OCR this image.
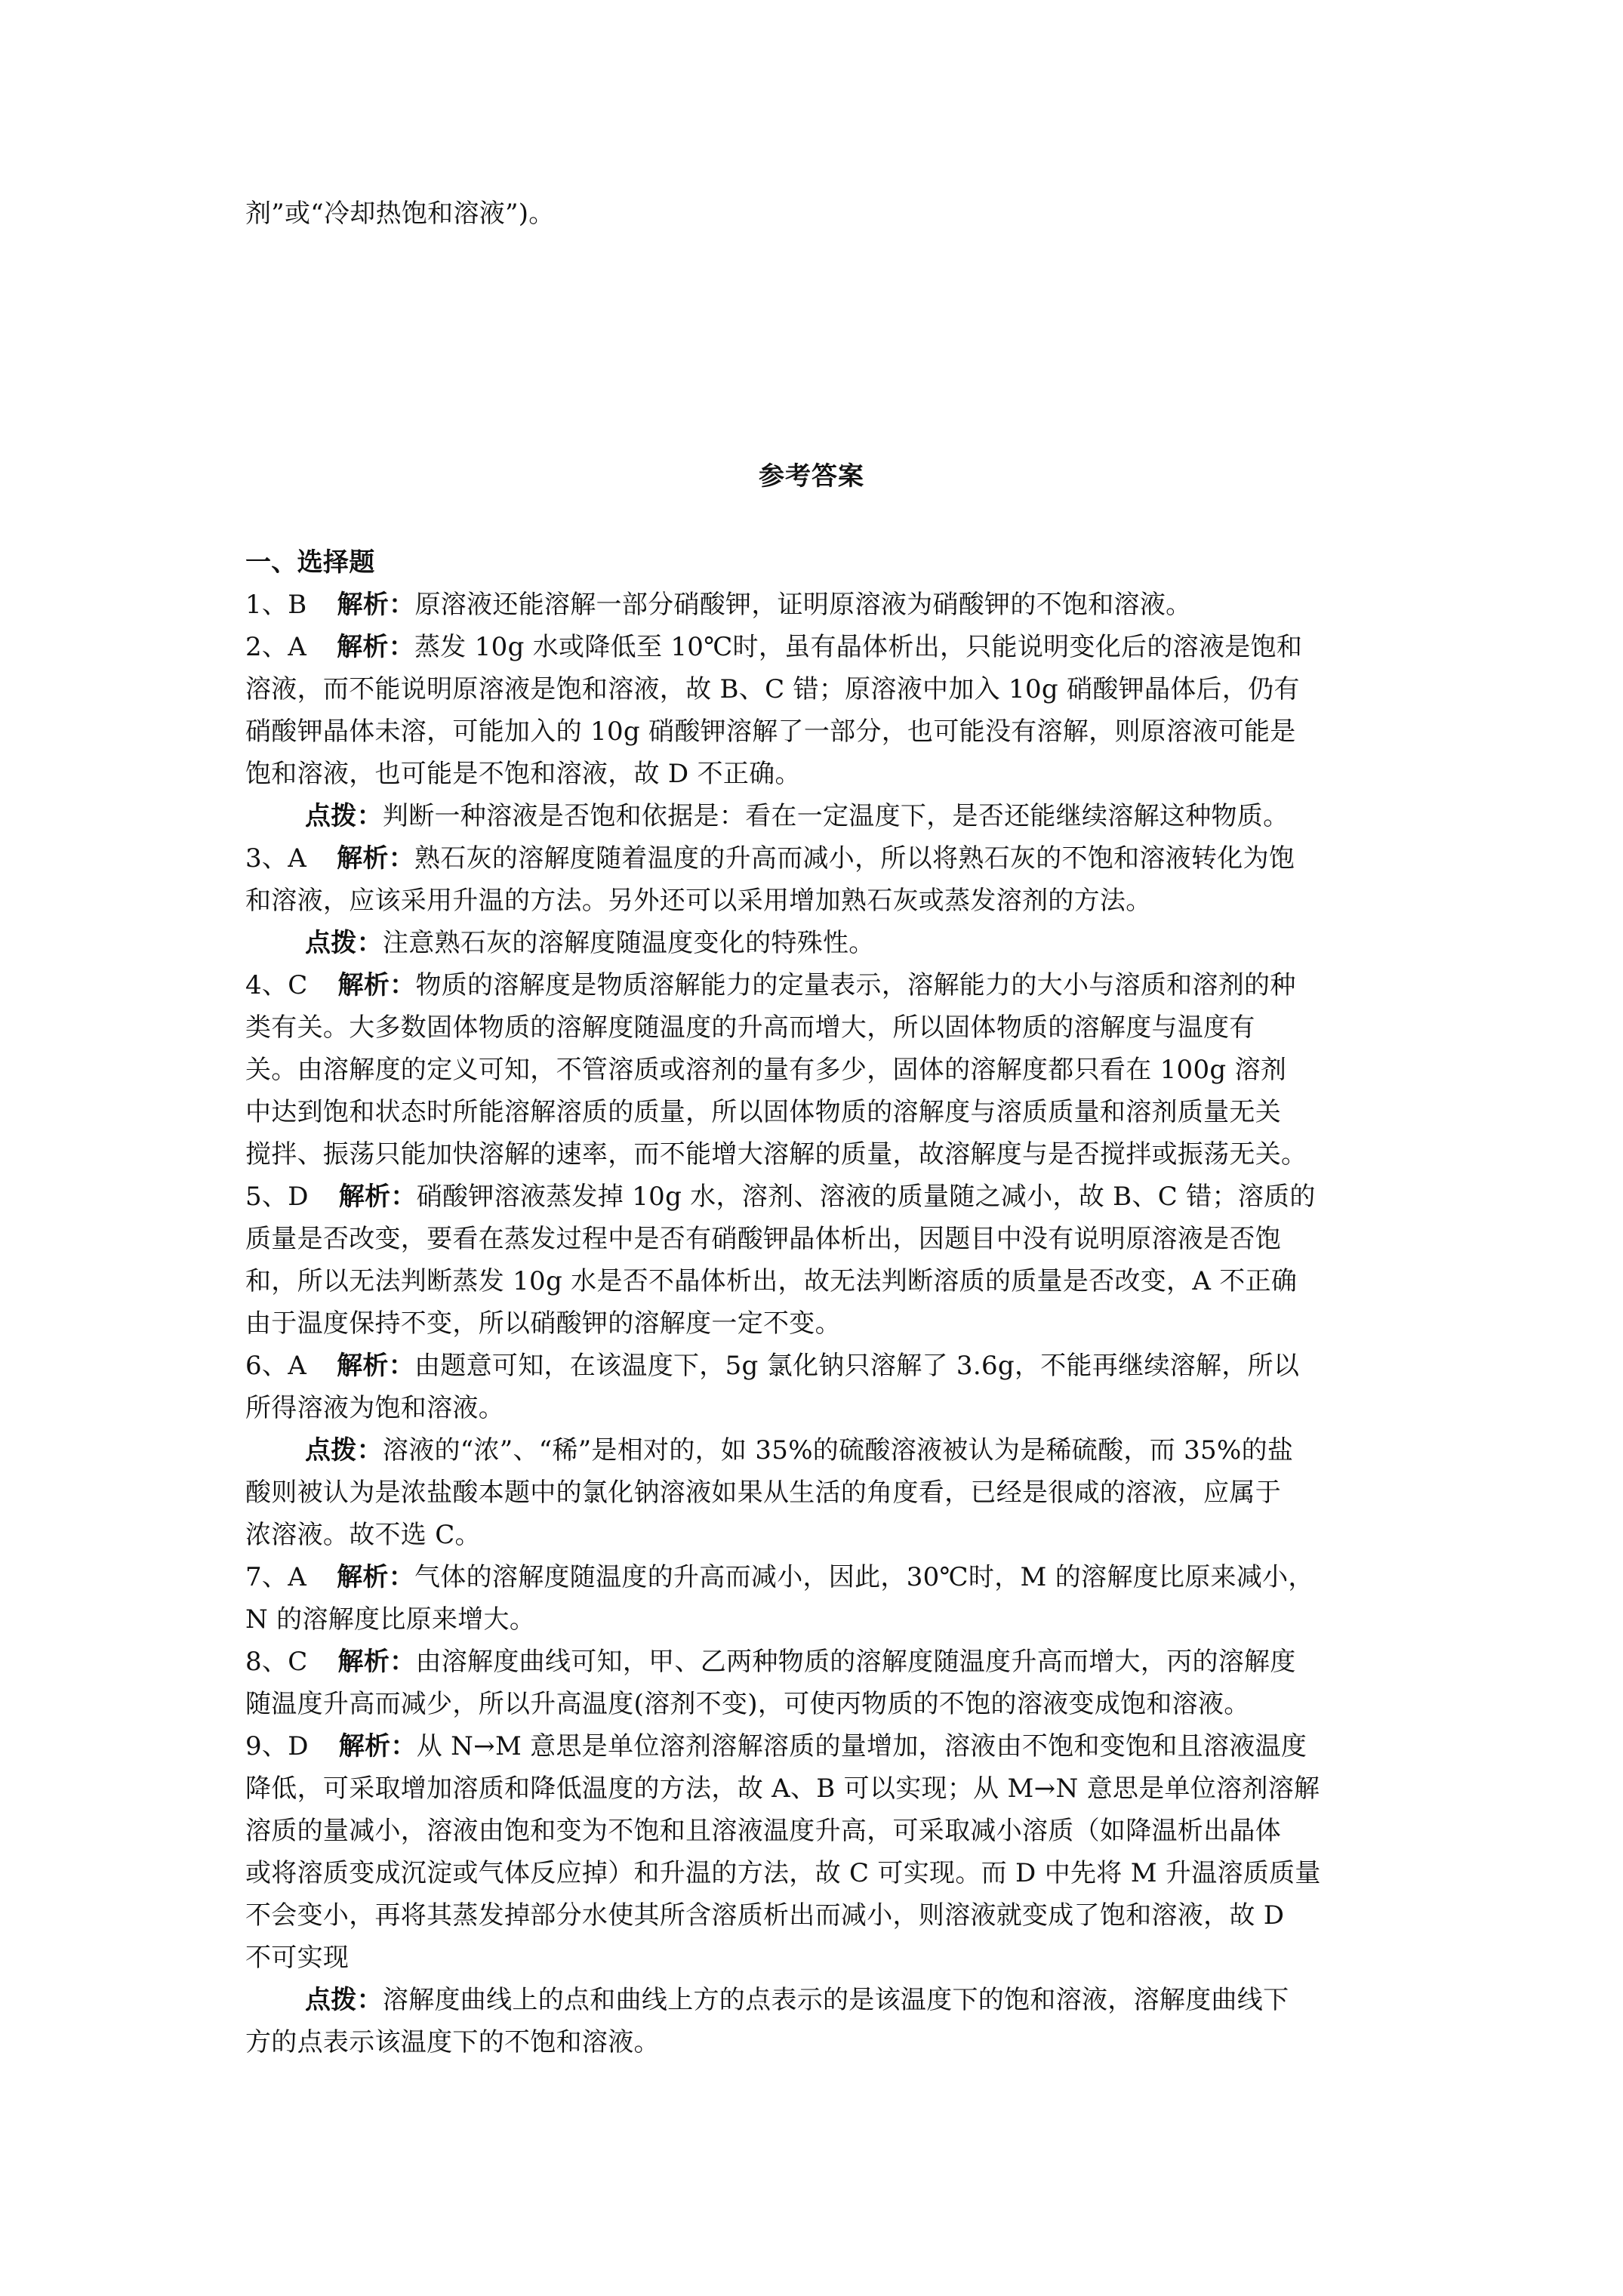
剂”或“冷却热饱和溶液”)。
参考答案
一、选择题
1、B 解析：原溶液还能溶解一部分硝酸钾，证明原溶液为硝酸钾的不饱和溶液。
2、A 解析：蒸发 10g 水或降低至 10℃时，虽有晶体析出，只能说明变化后的溶液是饱和
溶液，而不能说明原溶液是饱和溶液，故 B、C 错；原溶液中加入 10g 硝酸钾晶体后，仍有
硝酸钾晶体未溶，可能加入的 10g 硝酸钾溶解了一部分，也可能没有溶解，则原溶液可能是
饱和溶液，也可能是不饱和溶液，故 D 不正确。
点拨：判断一种溶液是否饱和依据是：看在一定温度下，是否还能继续溶解这种物质。
3、A 解析：熟石灰的溶解度随着温度的升高而减小，所以将熟石灰的不饱和溶液转化为饱
和溶液，应该采用升温的方法。另外还可以采用增加熟石灰或蒸发溶剂的方法。
点拨：注意熟石灰的溶解度随温度变化的特殊性。
4、C 解析：物质的溶解度是物质溶解能力的定量表示，溶解能力的大小与溶质和溶剂的种
类有关。大多数固体物质的溶解度随温度的升高而增大，所以固体物质的溶解度与温度有
关。由溶解度的定义可知，不管溶质或溶剂的量有多少，固体的溶解度都只看在 100g 溶剂
中达到饱和状态时所能溶解溶质的质量，所以固体物质的溶解度与溶质质量和溶剂质量无关
搅拌、振荡只能加快溶解的速率，而不能增大溶解的质量，故溶解度与是否搅拌或振荡无关。
5、D 解析：硝酸钾溶液蒸发掉 10g 水，溶剂、溶液的质量随之减小，故 B、C 错；溶质的
质量是否改变，要看在蒸发过程中是否有硝酸钾晶体析出，因题目中没有说明原溶液是否饱
和，所以无法判断蒸发 10g 水是否不晶体析出，故无法判断溶质的质量是否改变，A 不正确
由于温度保持不变，所以硝酸钾的溶解度一定不变。
6、A 解析：由题意可知，在该温度下，5g 氯化钠只溶解了 3.6g，不能再继续溶解，所以
所得溶液为饱和溶液。
点拨：溶液的“浓”、“稀”是相对的，如 35%的硫酸溶液被认为是稀硫酸，而 35%的盐
酸则被认为是浓盐酸本题中的氯化钠溶液如果从生活的角度看，已经是很咸的溶液，应属于
浓溶液。故不选 C。
7、A 解析：气体的溶解度随温度的升高而减小，因此，30℃时，M 的溶解度比原来减小，
N 的溶解度比原来增大。
8、C 解析：由溶解度曲线可知，甲、乙两种物质的溶解度随温度升高而增大，丙的溶解度
随温度升高而减少，所以升高温度(溶剂不变)，可使丙物质的不饱的溶液变成饱和溶液。
9、D 解析：从 N→M 意思是单位溶剂溶解溶质的量增加，溶液由不饱和变饱和且溶液温度
降低，可采取增加溶质和降低温度的方法，故 A、B 可以实现；从 M→N 意思是单位溶剂溶解
溶质的量减小，溶液由饱和变为不饱和且溶液温度升高，可采取减小溶质（如降温析出晶体
或将溶质变成沉淀或气体反应掉）和升温的方法，故 C 可实现。而 D 中先将 M 升温溶质质量
不会变小，再将其蒸发掉部分水使其所含溶质析出而减小，则溶液就变成了饱和溶液，故 D
不可实现
点拨：溶解度曲线上的点和曲线上方的点表示的是该温度下的饱和溶液，溶解度曲线下
方的点表示该温度下的不饱和溶液。
